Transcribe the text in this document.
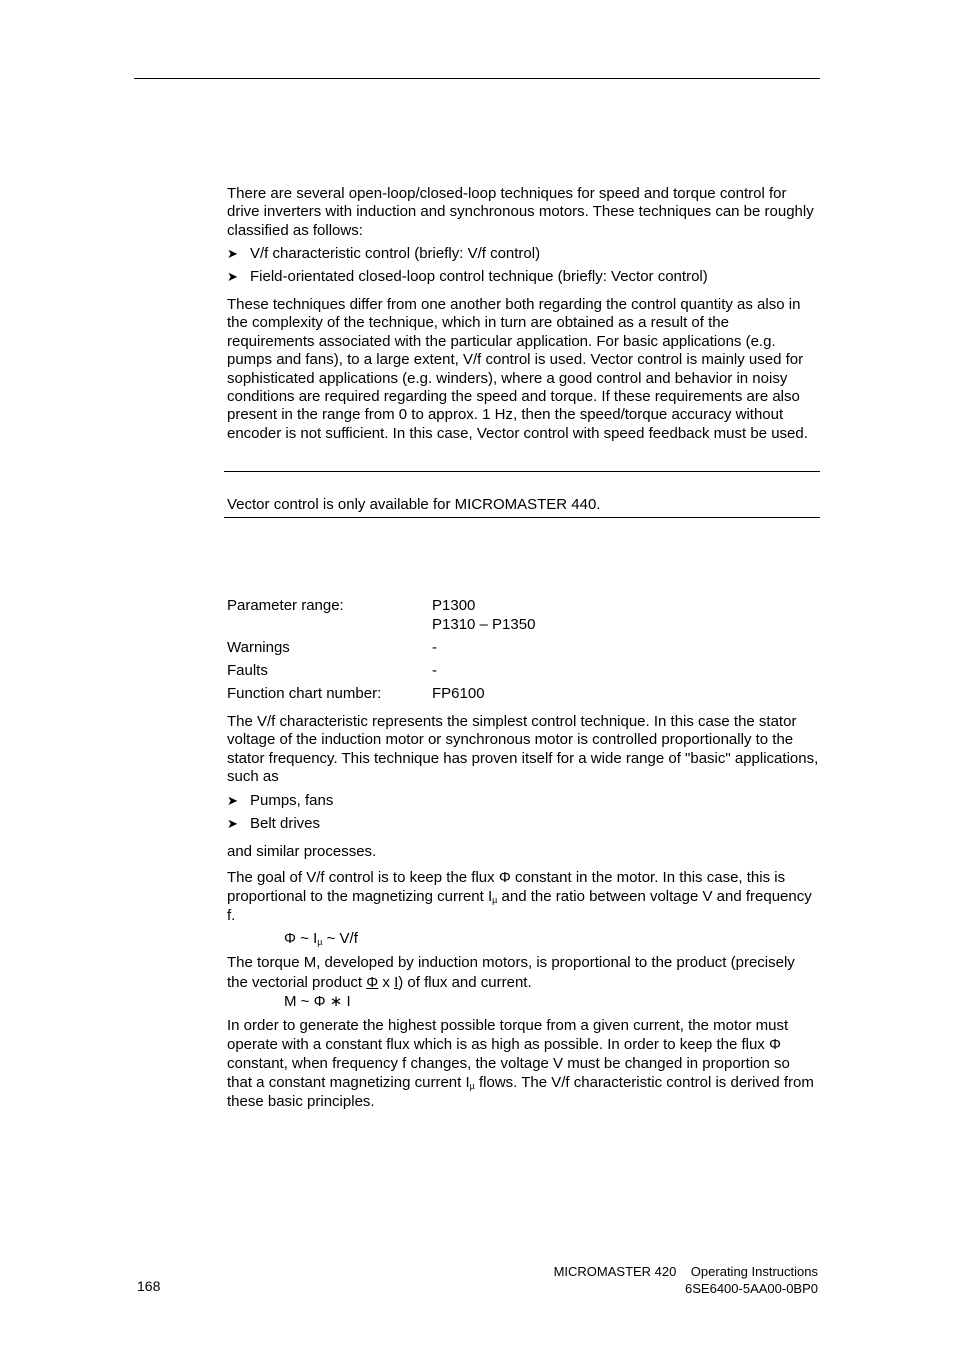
There are several open-loop/closed-loop techniques for speed and torque control for drive inverters with induction and synchronous motors. These techniques can be roughly classified as follows:
➤ V/f characteristic control (briefly: V/f control)
➤ Field-orientated closed-loop control technique (briefly: Vector control)
These techniques differ from one another both regarding the control quantity as also in the complexity of the technique, which in turn are obtained as a result of the requirements associated with the particular application. For basic applications (e.g. pumps and fans), to a large extent, V/f control is used. Vector control is mainly used for sophisticated applications (e.g. winders), where a good control and behavior in noisy conditions are required regarding the speed and torque. If these requirements are also present in the range from 0 to approx. 1 Hz, then the speed/torque accuracy without encoder is not sufficient. In this case, Vector control with speed feedback must be used.
Vector control is only available for MICROMASTER 440.
Parameter range:	P1300
P1310 – P1350
Warnings	-
Faults	-
Function chart number:	FP6100
The V/f characteristic represents the simplest control technique. In this case the stator voltage of the induction motor or synchronous motor is controlled proportionally to the stator frequency. This technique has proven itself for a wide range of "basic" applications, such as
➤ Pumps, fans
➤ Belt drives
and similar processes.
The goal of V/f control is to keep the flux Φ constant in the motor. In this case, this is proportional to the magnetizing current $I_\mu$ and the ratio between voltage V and frequency f.
Φ ~ $I_\mu$ ~ V/f
The torque M, developed by induction motors, is proportional to the product (precisely the vectorial product Φ x I) of flux and current.
M ~ Φ ∗ I
In order to generate the highest possible torque from a given current, the motor must operate with a constant flux which is as high as possible. In order to keep the flux Φ constant, when frequency f changes, the voltage V must be changed in proportion so that a constant magnetizing current $I_\mu$ flows. The V/f characteristic control is derived from these basic principles.
168
MICROMASTER 420    Operating Instructions
6SE6400-5AA00-0BP0
